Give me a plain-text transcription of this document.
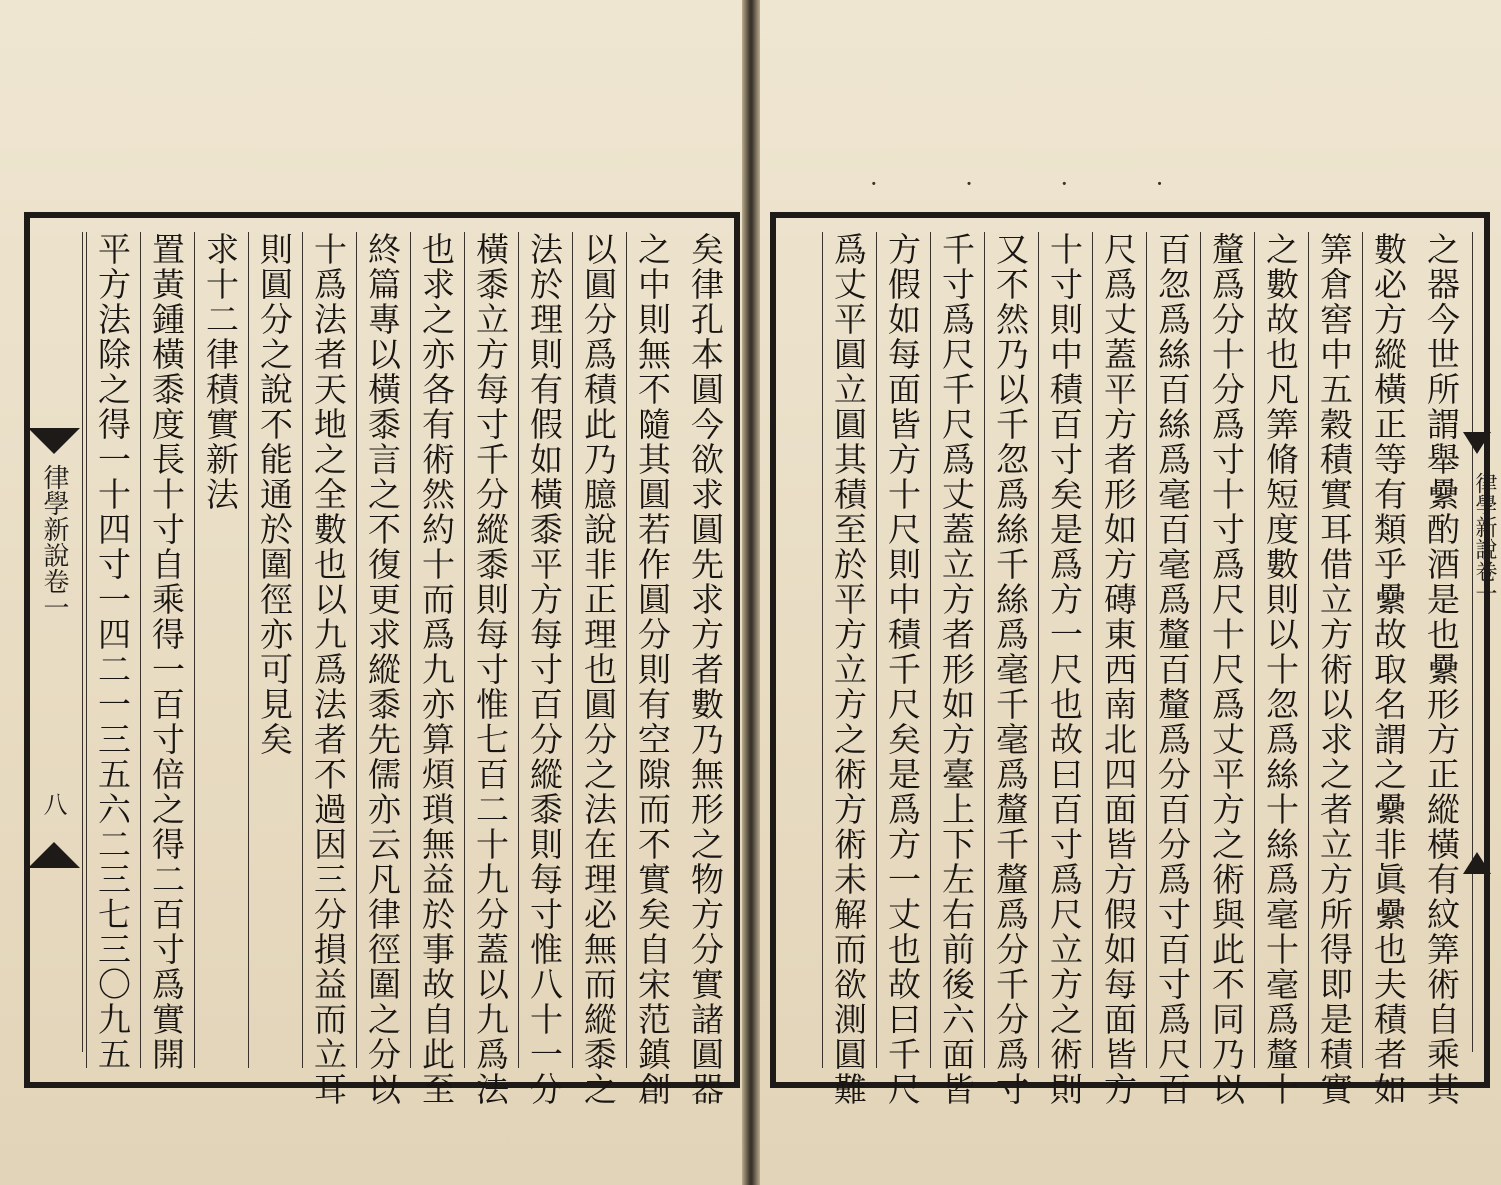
· · · ·
矣律孔本圓今欲求圓先求方者數乃無形之物方分實諸圓器
之中則無不隨其圓若作圓分則有空隙而不實矣自宋范鎮創
以圓分爲積此乃臆說非正理也圓分之法在理必無而縱黍之
法於理則有假如橫黍平方每寸百分縱黍則每寸惟八十一分
橫黍立方每寸千分縱黍則每寸惟七百二十九分蓋以九爲法
也求之亦各有術然約十而爲九亦算煩瑣無益於事故自此至
終篇專以橫黍言之不復更求縱黍先儒亦云凡律徑圍之分以
十爲法者天地之全數也以九爲法者不過因三分損益而立耳
則圓分之說不能通於圍徑亦可見矣
求十二律積實新法
置黃鍾橫黍度長十寸自乘得一百寸倍之得二百寸爲實開
平方法除之得一十四寸一四二一三五六二三七三〇九五
律學新說卷一
八	之器今世所謂舉纍酌酒是也纍形方正縱橫有紋筭術自乘其
數必方縱橫正等有類乎纍故取名謂之纍非眞纍也夫積者如
筭倉窖中五穀積實耳借立方術以求之者立方所得即是積實
之數故也凡筭脩短度數則以十忽爲絲十絲爲毫十毫爲釐十
釐爲分十分爲寸十寸爲尺十尺爲丈平方之術與此不同乃以
百忽爲絲百絲爲毫百毫爲釐百釐爲分百分爲寸百寸爲尺百
尺爲丈蓋平方者形如方磚東西南北四面皆方假如每面皆方
十寸則中積百寸矣是爲方一尺也故曰百寸爲尺立方之術則
又不然乃以千忽爲絲千絲爲毫千毫爲釐千釐爲分千分爲寸
千寸爲尺千尺爲丈蓋立方者形如方臺上下左右前後六面皆
方假如每面皆方十尺則中積千尺矣是爲方一丈也故曰千尺
爲丈平圓立圓其積至於平方立方之術方術未解而欲測圓難	律學新說卷一
